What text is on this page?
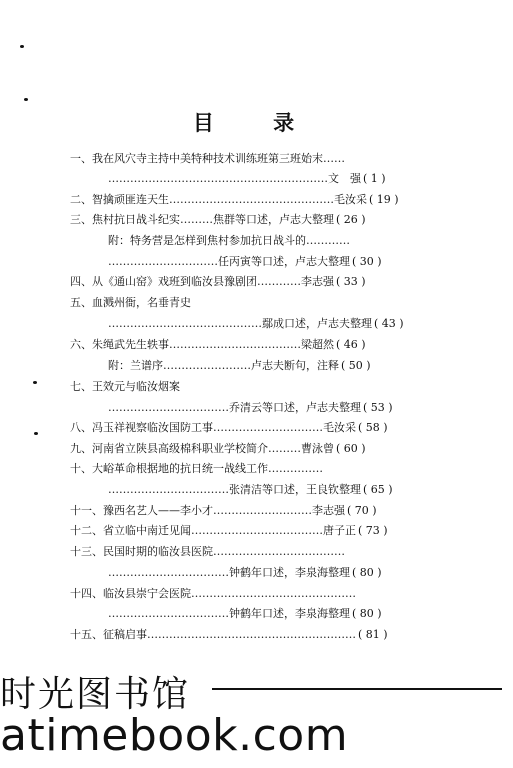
目 录
一、我在风穴寺主持中美特种技术训练班第三班始末……
……………………………………………………文　强 ( 1 )
二、智擒顽匪连天生………………………………………毛汝采 ( 19 )
三、焦村抗日战斗纪实………焦群等口述，卢志大整理 ( 26 )
附：特务营是怎样到焦村参加抗日战斗的…………
…………………………任丙寅等口述，卢志大整理 ( 30 )
四、从《通山窑》戏班到临汝县豫剧团…………李志强 ( 33 )
五、血溅州衙，名垂青史
……………………………………鄢成口述，卢志夫整理 ( 43 )
六、朱绳武先生轶事………………………………梁超然 ( 46 )
附：兰谱序……………………卢志夫断句，注释 ( 50 )
七、王效元与临汝烟案
……………………………乔清云等口述，卢志夫整理 ( 53 )
八、冯玉祥视察临汝国防工事…………………………毛汝采 ( 58 )
九、河南省立陕县高级棉科职业学校简介………曹泳曾 ( 60 )
十、大峪革命根据地的抗日统一战线工作……………
……………………………张清洁等口述，王良钦整理 ( 65 )
十一、豫西名艺人——李小才………………………李志强 ( 70 )
十二、省立临中南迁见闻………………………………唐子正 ( 73 )
十三、民国时期的临汝县医院………………………………
……………………………钟鹤年口述，李泉海整理 ( 80 )
十四、临汝县崇宁会医院………………………………………
……………………………钟鹤年口述，李泉海整理 ( 80 )
十五、征稿启事………………………………………………… ( 81 )
时光图书馆
atimebook.com
